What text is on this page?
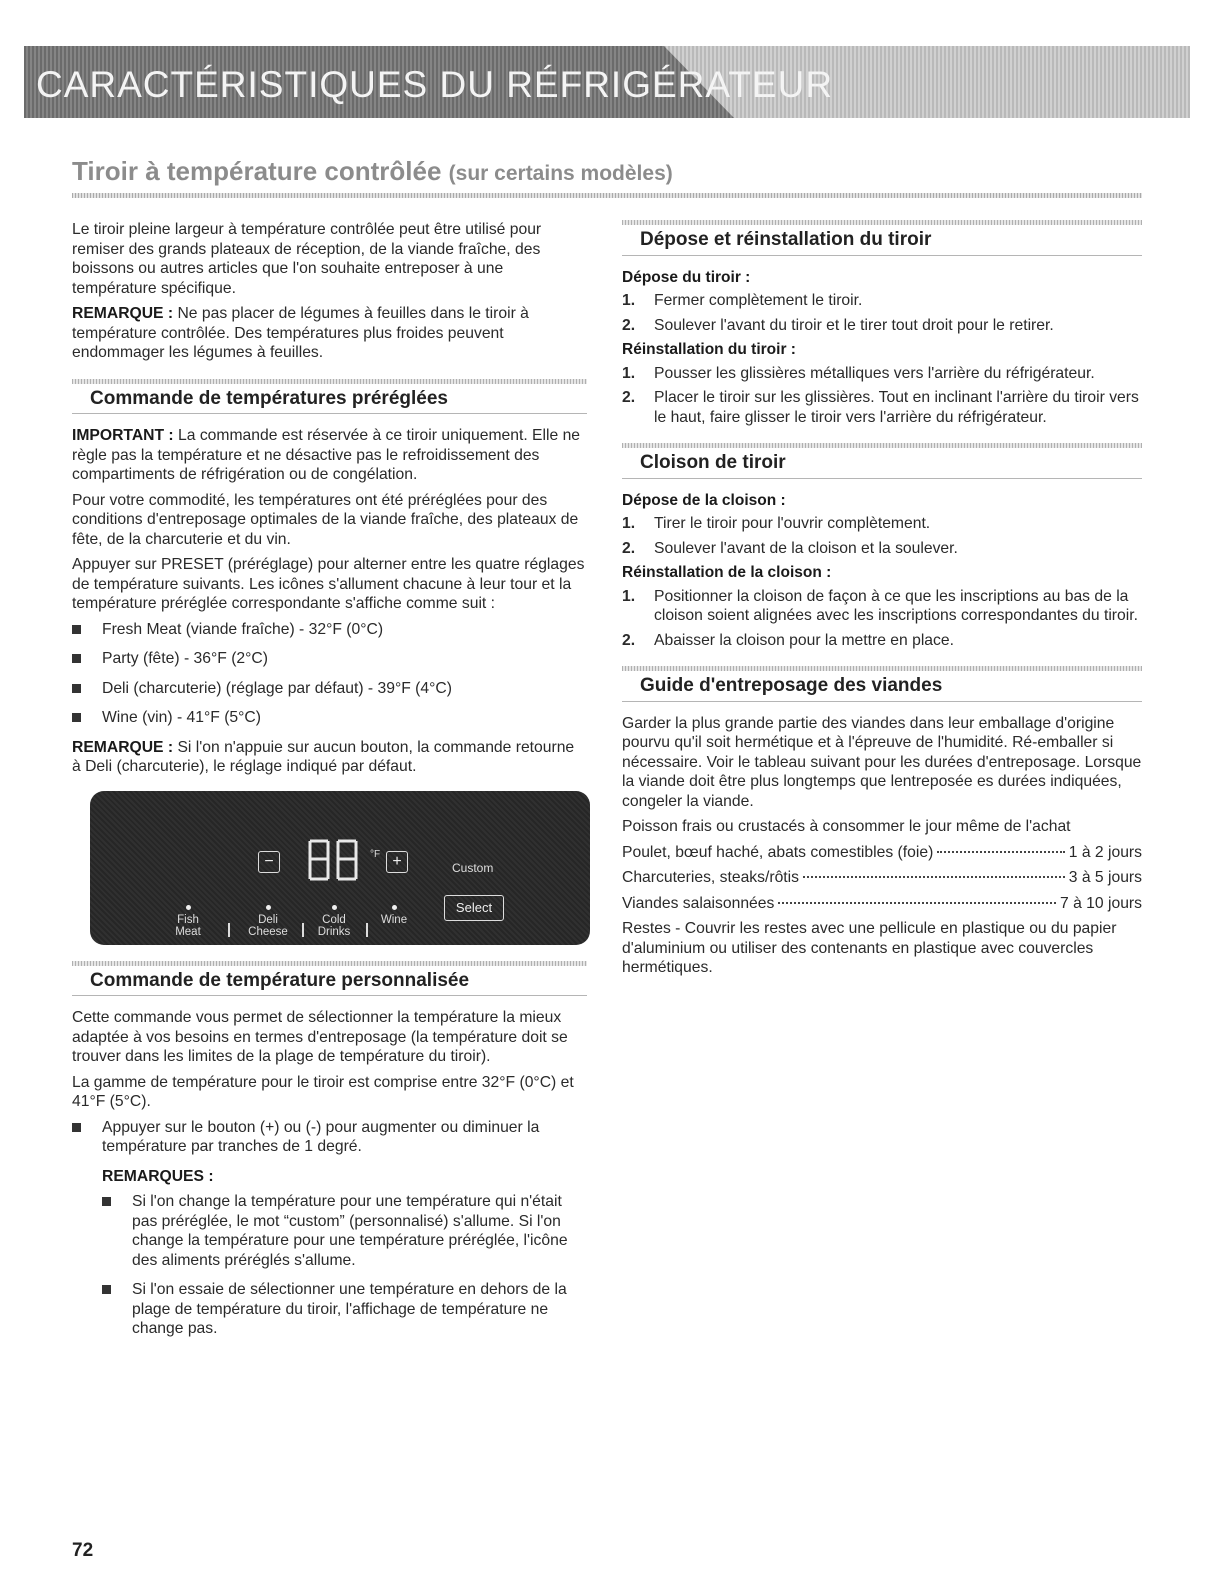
CARACTÉRISTIQUES DU RÉFRIGÉRATEUR
Tiroir à température contrôlée (sur certains modèles)

Le tiroir pleine largeur à température contrôlée peut être utilisé pour remiser des grands plateaux de réception, de la viande fraîche, des boissons ou autres articles que l'on souhaite entreposer à une température spécifique.

REMARQUE : Ne pas placer de légumes à feuilles dans le tiroir à température contrôlée. Des températures plus froides peuvent endommager les légumes à feuilles.

Commande de températures préréglées

IMPORTANT : La commande est réservée à ce tiroir uniquement. Elle ne règle pas la température et ne désactive pas le refroidissement des compartiments de réfrigération ou de congélation.

Pour votre commodité, les températures ont été préréglées pour des conditions d'entreposage optimales de la viande fraîche, des plateaux de fête, de la charcuterie et du vin.

Appuyer sur PRESET (préréglage) pour alterner entre les quatre réglages de température suivants. Les icônes s'allument chacune à leur tour et la température préréglée correspondante s'affiche comme suit :

Fresh Meat (viande fraîche) - 32°F (0°C)
Party (fête) - 36°F (2°C)
Deli (charcuterie) (réglage par défaut) - 39°F (4°C)
Wine (vin) - 41°F (5°C)

REMARQUE : Si l'on n'appuie sur aucun bouton, la commande retourne à Deli (charcuterie), le réglage indiqué par défaut.

−	°F +	Custom
Select
Fish
Meat
Deli
Cheese
Cold
Drinks
Wine
Commande de température personnalisée

Cette commande vous permet de sélectionner la température la mieux adaptée à vos besoins en termes d'entreposage (la température doit se trouver dans les limites de la plage de température du tiroir).

La gamme de température pour le tiroir est comprise entre 32°F (0°C) et 41°F (5°C).

Appuyer sur le bouton (+) ou (-) pour augmenter ou diminuer la température par tranches de 1 degré.

REMARQUES :

Si l'on change la température pour une température qui n'était pas préréglée, le mot “custom” (personnalisé) s'allume. Si l'on change la température pour une température préréglée, l'icône des aliments préréglés s'allume.
Si l'on essaie de sélectionner une température en dehors de la plage de température du tiroir, l'affichage de température ne change pas.
Dépose et réinstallation du tiroir

Dépose du tiroir :

1. Fermer complètement le tiroir.
2. Soulever l'avant du tiroir et le tirer tout droit pour le retirer.

Réinstallation du tiroir :

1. Pousser les glissières métalliques vers l'arrière du réfrigérateur.
2. Placer le tiroir sur les glissières. Tout en inclinant l'arrière du tiroir vers le haut, faire glisser le tiroir vers l'arrière du réfrigérateur.
Cloison de tiroir

Dépose de la cloison :

1. Tirer le tiroir pour l'ouvrir complètement.
2. Soulever l'avant de la cloison et la soulever.

Réinstallation de la cloison :

1. Positionner la cloison de façon à ce que les inscriptions au bas de la cloison soient alignées avec les inscriptions correspondantes du tiroir.
2. Abaisser la cloison pour la mettre en place.
Guide d'entreposage des viandes

Garder la plus grande partie des viandes dans leur emballage d'origine pourvu qu'il soit hermétique et à l'épreuve de l'humidité. Ré-emballer si nécessaire. Voir le tableau suivant pour les durées d'entreposage. Lorsque la viande doit être plus longtemps que lentreposée es durées indiquées, congeler la viande.

Poisson frais ou crustacés à consommer le jour même de l'achat

Poulet, bœuf haché, abats comestibles (foie)	1 à 2 jours
Charcuteries, steaks/rôtis	3 à 5 jours
Viandes salaisonnées	7 à 10 jours

Restes - Couvrir les restes avec une pellicule en plastique ou du papier d'aluminium ou utiliser des contenants en plastique avec couvercles hermétiques.

72
